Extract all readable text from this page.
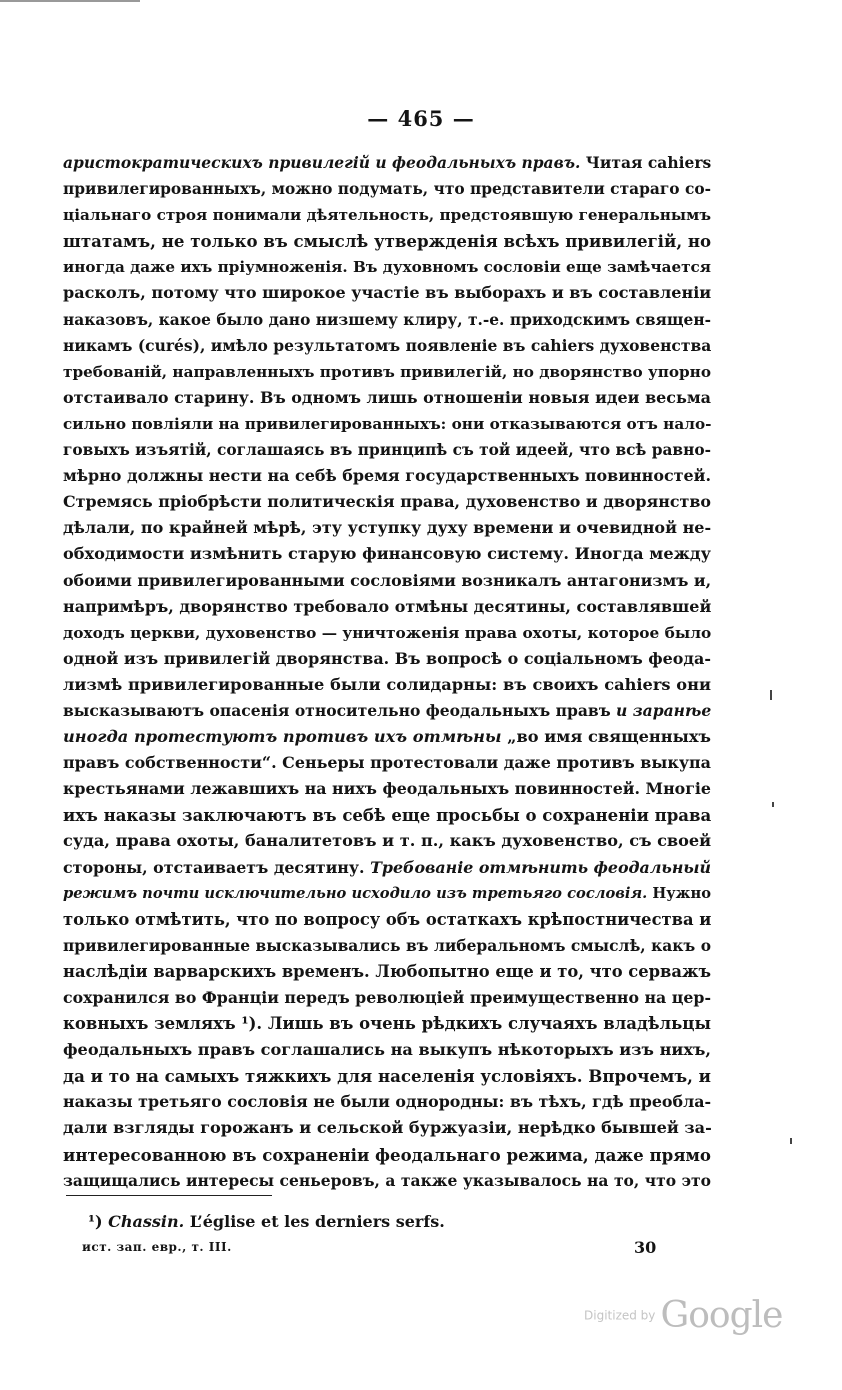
— 465 —
аристократическихъ привилегій и феодальныхъ правъ. Читая cahiers
привилегированныхъ, можно подумать, что представители стараго со-
ціальнаго строя понимали дѣятельность, предстоявшую генеральнымъ
штатамъ, не только въ смыслѣ утвержденія всѣхъ привилегій, но
иногда даже ихъ пріумноженія. Въ духовномъ сословіи еще замѣчается
расколъ, потому что широкое участіе въ выборахъ и въ составленіи
наказовъ, какое было дано низшему клиру, т.-е. приходскимъ священ-
никамъ (curés), имѣло результатомъ появленіе въ cahiers духовенства
требованій, направленныхъ противъ привилегій, но дворянство упорно
отстаивало старину. Въ одномъ лишь отношеніи новыя идеи весьма
сильно повліяли на привилегированныхъ: они отказываются отъ нало-
говыхъ изъятій, соглашаясь въ принципѣ съ той идеей, что всѣ равно-
мѣрно должны нести на себѣ бремя государственныхъ повинностей.
Стремясь пріобрѣсти политическія права, духовенство и дворянство
дѣлали, по крайней мѣрѣ, эту уступку духу времени и очевидной не-
обходимости измѣнить старую финансовую систему. Иногда между
обоими привилегированными сословіями возникалъ антагонизмъ и,
напримѣръ, дворянство требовало отмѣны десятины, составлявшей
доходъ церкви, духовенство — уничтоженія права охоты, которое было
одной изъ привилегій дворянства. Въ вопросѣ о соціальномъ феода-
лизмѣ привилегированные были солидарны: въ своихъ cahiers они
высказываютъ опасенія относительно феодальныхъ правъ и заранѣе
иногда протестуютъ противъ ихъ отмѣны „во имя священныхъ
правъ собственности“. Сеньеры протестовали даже противъ выкупа
крестьянами лежавшихъ на нихъ феодальныхъ повинностей. Многіе
ихъ наказы заключаютъ въ себѣ еще просьбы о сохраненіи права
суда, права охоты, баналитетовъ и т. п., какъ духовенство, съ своей
стороны, отстаиваетъ десятину. Требованіе отмѣнить феодальный
режимъ почти исключительно исходило изъ третьяго сословія. Нужно
только отмѣтить, что по вопросу объ остаткахъ крѣпостничества и
привилегированные высказывались въ либеральномъ смыслѣ, какъ о
наслѣдіи варварскихъ временъ. Любопытно еще и то, что серважъ
сохранился во Франціи передъ революціей преимущественно на цер-
ковныхъ земляхъ ¹). Лишь въ очень рѣдкихъ случаяхъ владѣльцы
феодальныхъ правъ соглашались на выкупъ нѣкоторыхъ изъ нихъ,
да и то на самыхъ тяжкихъ для населенія условіяхъ. Впрочемъ, и
наказы третьяго сословія не были однородны: въ тѣхъ, гдѣ преобла-
дали взгляды горожанъ и сельской буржуазіи, нерѣдко бывшей за-
интересованною въ сохраненіи феодальнаго режима, даже прямо
защищались интересы сеньеровъ, а также указывалось на то, что это
¹) Chassin. L’église et les derniers serfs.
ист. зап. евр., т. III.	30
Digitized by Google
